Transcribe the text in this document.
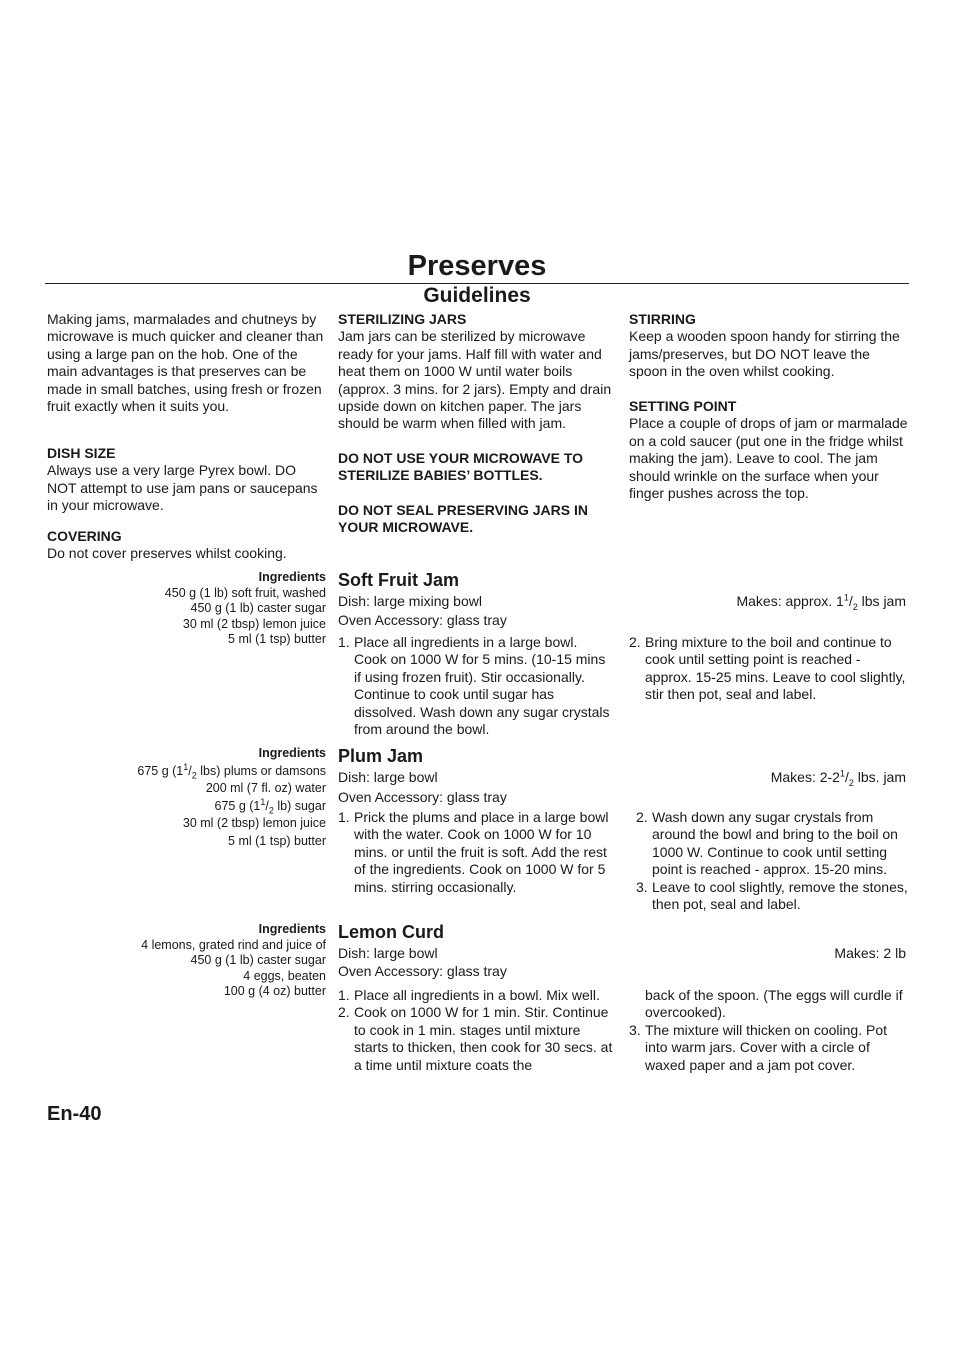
Preserves
Guidelines
Making jams, marmalades and chutneys by microwave is much quicker and cleaner than using a large pan on the hob. One of the main advantages is that preserves can be made in small batches, using fresh or frozen fruit exactly when it suits you.
DISH SIZE
Always use a very large Pyrex bowl. DO NOT attempt to use jam pans or saucepans in your microwave.
COVERING
Do not cover preserves whilst cooking.
STERILIZING JARS
Jam jars can be sterilized by microwave ready for your jams. Half fill with water and heat them on 1000 W until water boils (approx. 3 mins. for 2 jars). Empty and drain upside down on kitchen paper. The jars should be warm when filled with jam.
DO NOT USE YOUR MICROWAVE TO STERILIZE BABIES’ BOTTLES.
DO NOT SEAL PRESERVING JARS IN YOUR MICROWAVE.
STIRRING
Keep a wooden spoon handy for stirring the jams/preserves, but DO NOT leave the spoon in the oven whilst cooking.
SETTING POINT
Place a couple of drops of jam or marmalade on a cold saucer (put one in the fridge whilst making the jam). Leave to cool. The jam should wrinkle on the surface when your finger pushes across the top.
Ingredients
450 g (1 lb) soft fruit, washed
450 g (1 lb) caster sugar
30 ml (2 tbsp) lemon juice
5 ml (1 tsp) butter
Soft Fruit Jam
Dish: large mixing bowl
Oven Accessory: glass tray
Makes: approx. $1^1/_2$ lbs jam
1. Place all ingredients in a large bowl. Cook on 1000 W for 5 mins. (10-15 mins if using frozen fruit). Stir occasionally. Continue to cook until sugar has dissolved. Wash down any sugar crystals from around the bowl.
2. Bring mixture to the boil and continue to cook until setting point is reached - approx. 15-25 mins. Leave to cool slightly, stir then pot, seal and label.
Ingredients
675 g ($1^1/_2$ lbs) plums or damsons
200 ml (7 fl. oz) water
675 g ($1^1/_2$ lb) sugar
30 ml (2 tbsp) lemon juice
5 ml (1 tsp) butter
Plum Jam
Dish: large bowl
Oven Accessory: glass tray
Makes: $2-2^1/_2$ lbs. jam
1. Prick the plums and place in a large bowl with the water. Cook on 1000 W for 10 mins. or until the fruit is soft. Add the rest of the ingredients. Cook on 1000 W for 5 mins. stirring occasionally.
2. Wash down any sugar crystals from around the bowl and bring to the boil on 1000 W. Continue to cook until setting point is reached - approx. 15-20 mins.
3. Leave to cool slightly, remove the stones, then pot, seal and label.
Ingredients
4 lemons, grated rind and juice of
450 g (1 lb) caster sugar
4 eggs, beaten
100 g (4 oz) butter
Lemon Curd
Dish: large bowl
Oven Accessory: glass tray
Makes: 2 lb
1. Place all ingredients in a bowl. Mix well.
2. Cook on 1000 W for 1 min. Stir. Continue to cook in 1 min. stages until mixture starts to thicken, then cook for 30 secs. at a time until mixture coats the
back of the spoon. (The eggs will curdle if overcooked).
3. The mixture will thicken on cooling. Pot into warm jars. Cover with a circle of waxed paper and a jam pot cover.
En-40
